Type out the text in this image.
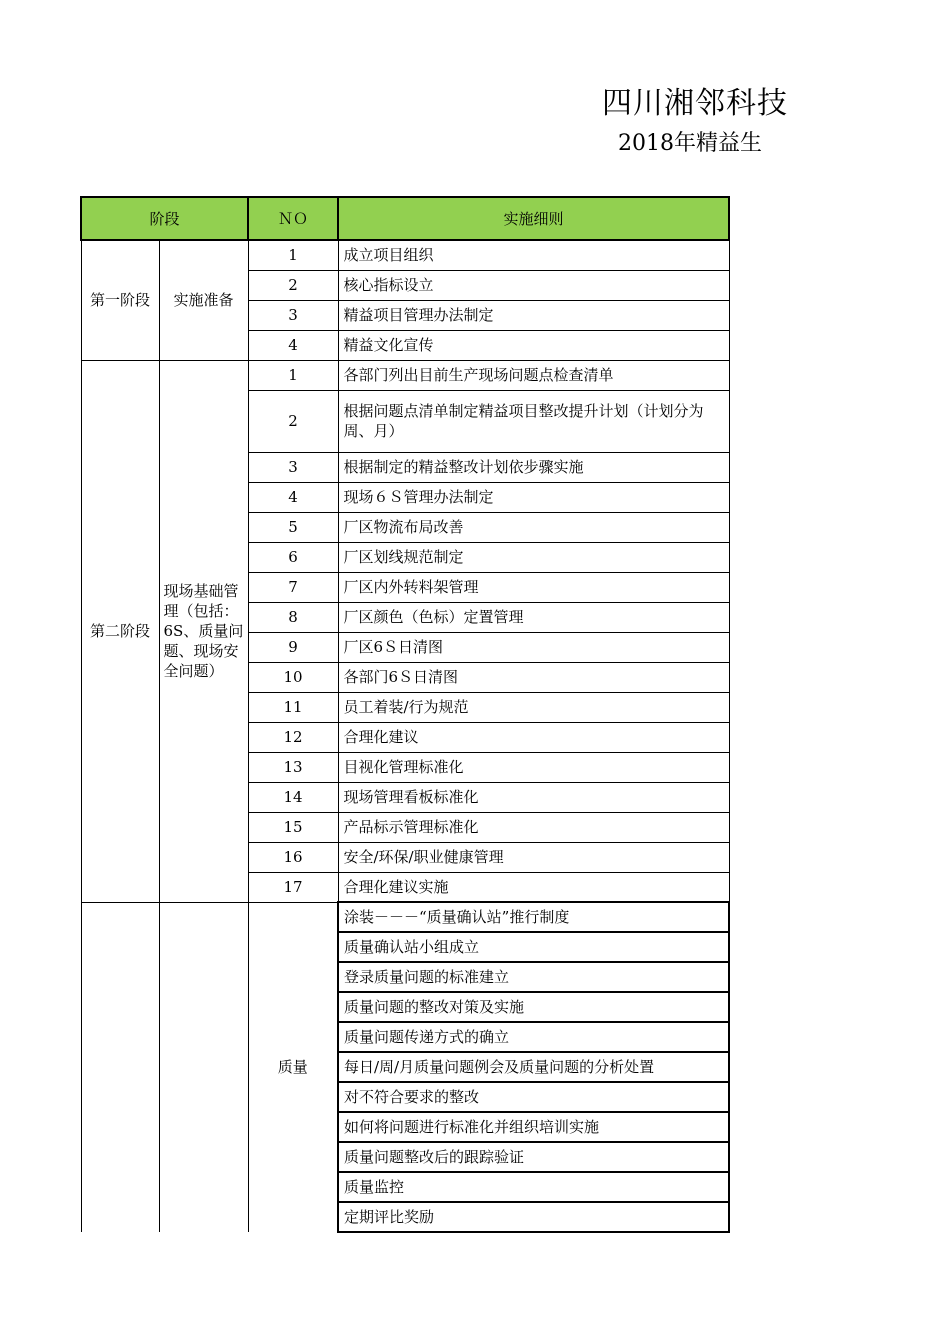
四川湘邻科技
2018年精益生
阶段		ＮＯ	实施细则
第一阶段	实施准备	1	成立项目组织
		2	核心指标设立
		3	精益项目管理办法制定
		4	精益文化宣传
第二阶段	现场基础管理（包括：6S、质量问题、现场安全问题）	1	各部门列出目前生产现场问题点检查清单
		2	根据问题点清单制定精益项目整改提升计划（计划分为周、月）
		3	根据制定的精益整改计划依步骤实施
		4	现场６Ｓ管理办法制定
		5	厂区物流布局改善
		6	厂区划线规范制定
		7	厂区内外转料架管理
		8	厂区颜色（色标）定置管理
		9	厂区6Ｓ日清图
		10	各部门6Ｓ日清图
		11	员工着装/行为规范
		12	合理化建议
		13	目视化管理标准化
		14	现场管理看板标准化
		15	产品标示管理标准化
		16	安全/环保/职业健康管理
		17	合理化建议实施
		质量	涂装－－－“质量确认站”推行制度
			质量确认站小组成立
			登录质量问题的标准建立
			质量问题的整改对策及实施
			质量问题传递方式的确立
			每日/周/月质量问题例会及质量问题的分析处置
			对不符合要求的整改
			如何将问题进行标准化并组织培训实施
			质量问题整改后的跟踪验证
			质量监控
			定期评比奖励
